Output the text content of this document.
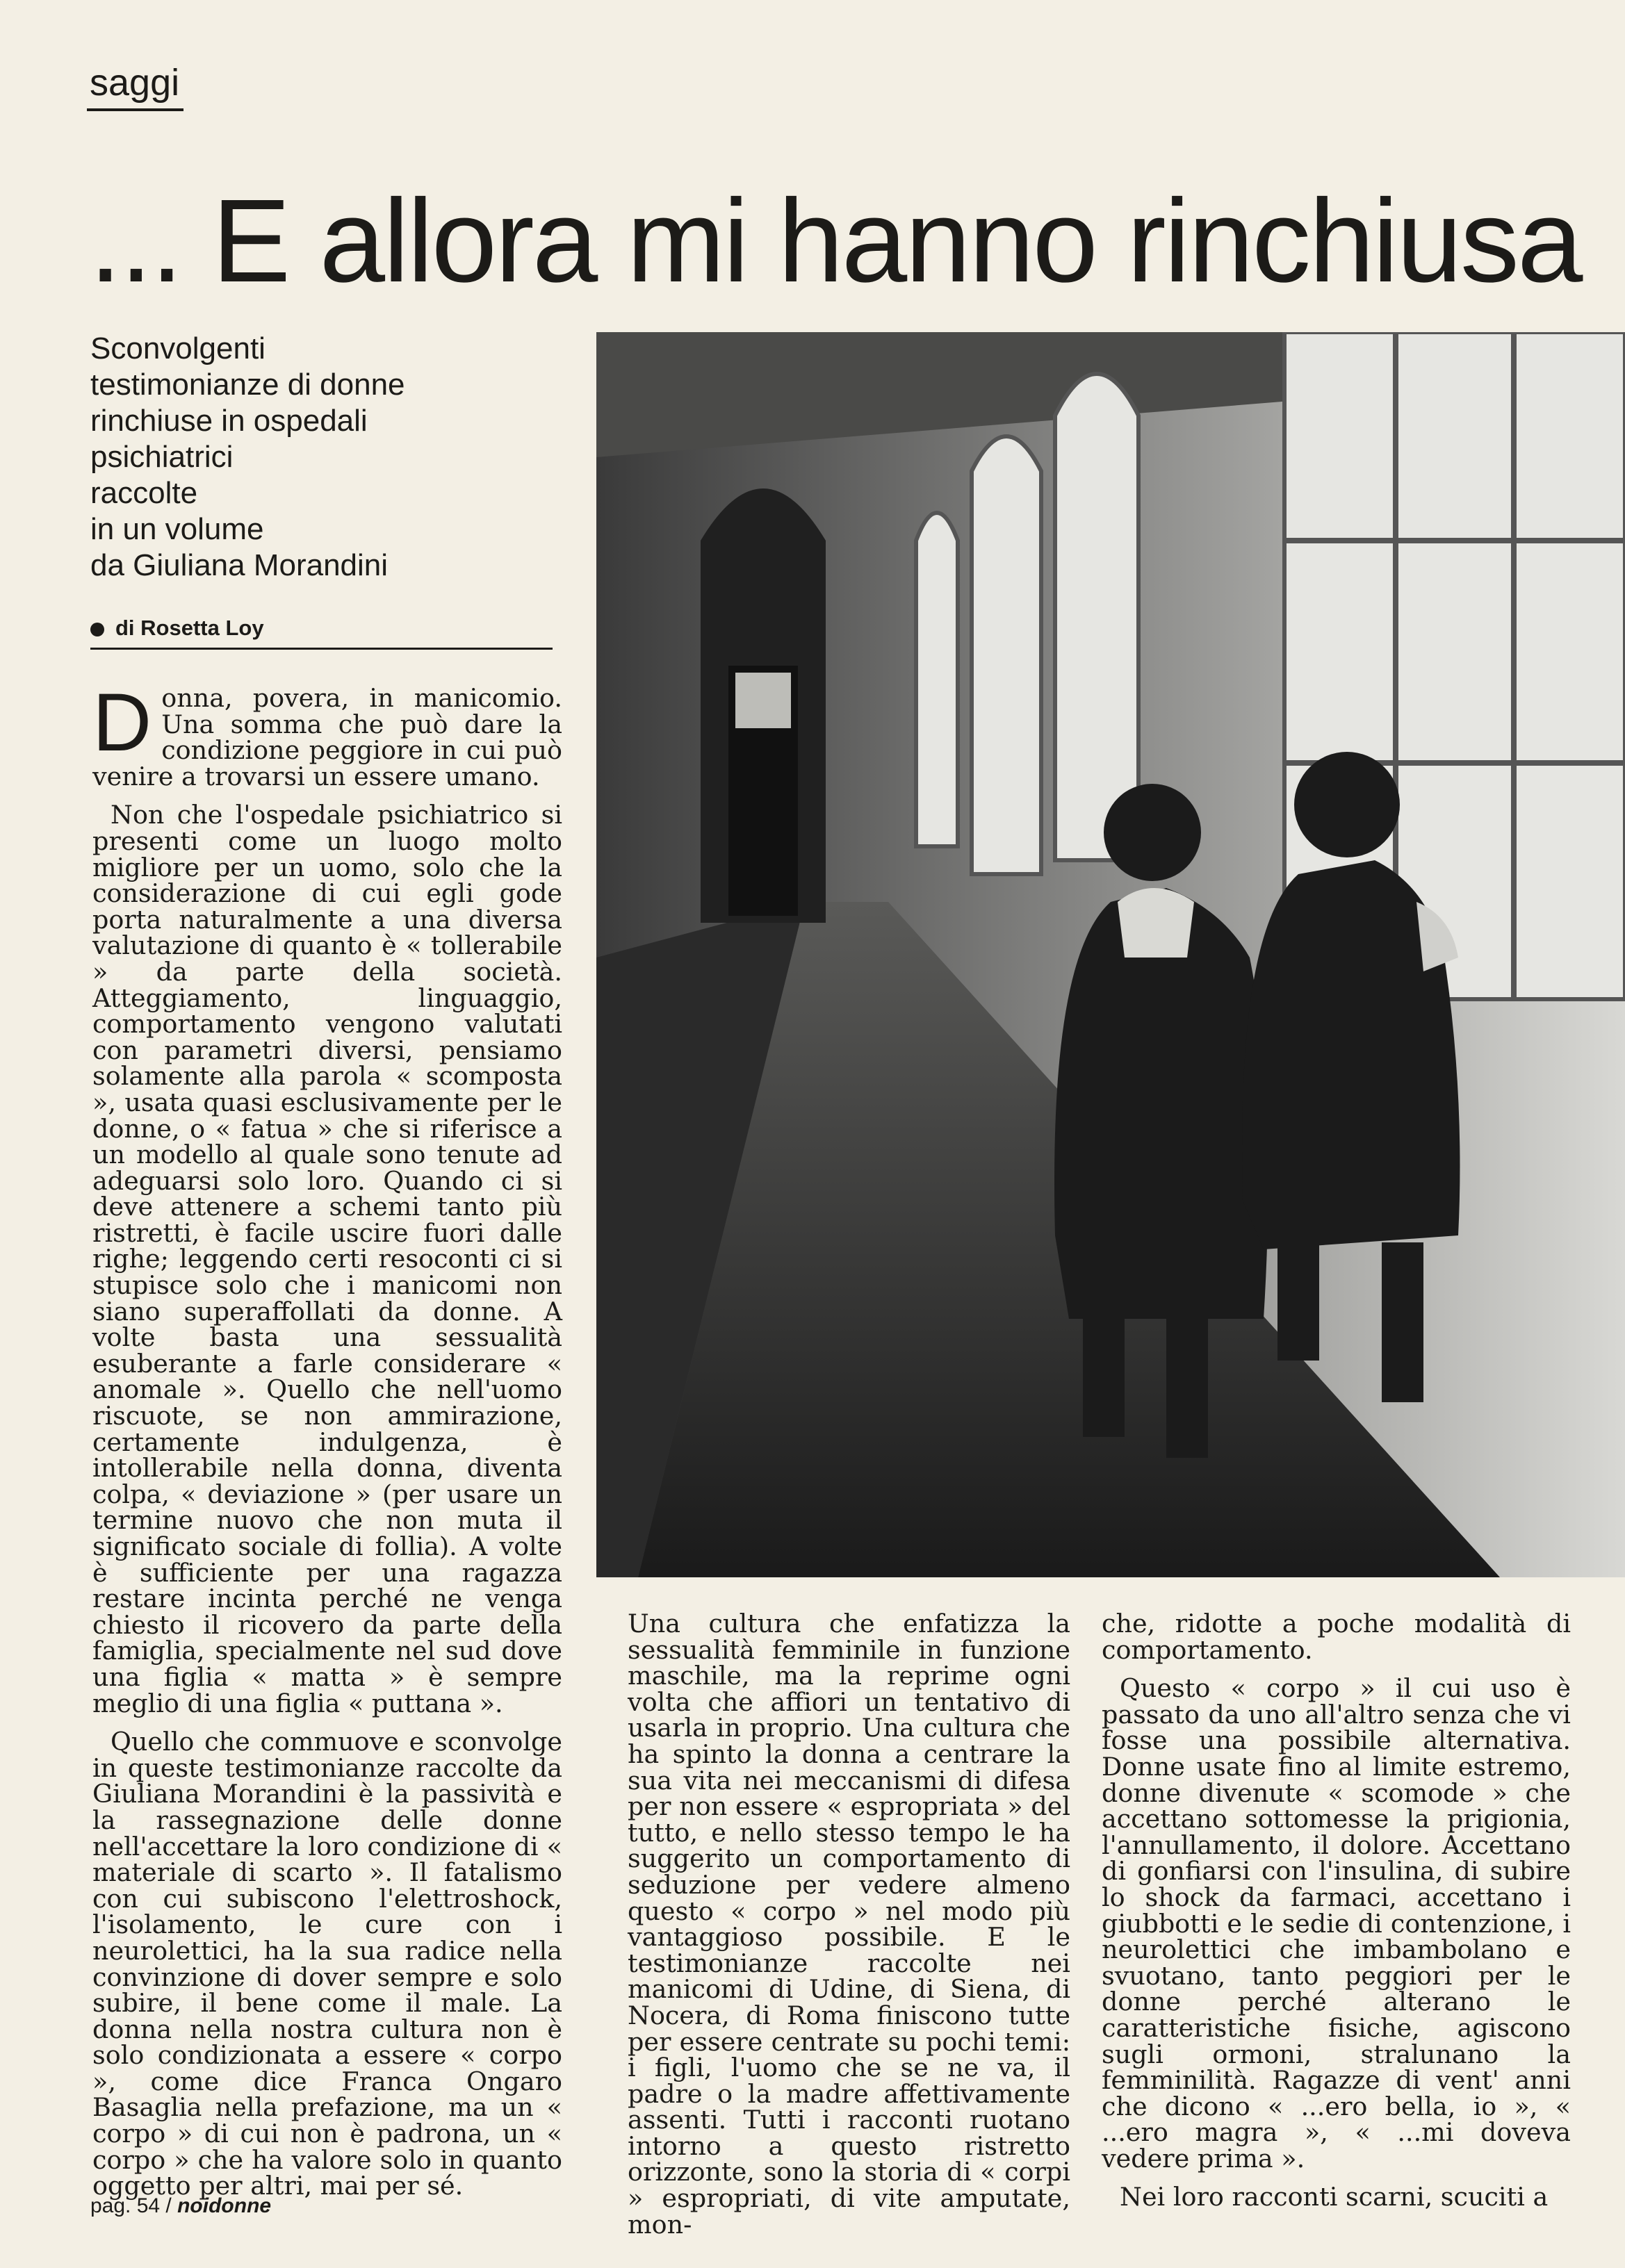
saggi
... E allora mi hanno rinchiusa
Sconvolgenti
testimonianze di donne
rinchiuse in ospedali
psichiatrici
raccolte
in un volume
da Giuliana Morandini
di Rosetta Loy

Donna, povera, in manicomio. Una somma che può dare la condizione peggiore in cui può venire a trovarsi un essere umano.

Non che l'ospedale psichiatrico si presenti come un luogo molto migliore per un uomo, solo che la considerazione di cui egli gode porta naturalmente a una diversa valutazione di quanto è « tollerabile » da parte della società. Atteggiamento, linguaggio, comportamento vengono valutati con parametri diversi, pensiamo solamente alla parola « scomposta », usata quasi esclusivamente per le donne, o « fatua » che si riferisce a un modello al quale sono tenute ad adeguarsi solo loro. Quando ci si deve attenere a schemi tanto più ristretti, è facile uscire fuori dalle righe; leggendo certi resoconti ci si stupisce solo che i manicomi non siano superaffollati da donne. A volte basta una sessualità esuberante a farle considerare « anomale ». Quello che nell'uomo riscuote, se non ammirazione, certamente indulgenza, è intollerabile nella donna, diventa colpa, « deviazione » (per usare un termine nuovo che non muta il significato sociale di follia). A volte è sufficiente per una ragazza restare incinta perché ne venga chiesto il ricovero da parte della famiglia, specialmente nel sud dove una figlia « matta » è sempre meglio di una figlia « puttana ».

Quello che commuove e sconvolge in queste testimonianze raccolte da Giuliana Morandini è la passività e la rassegnazione delle donne nell'accettare la loro condizione di « materiale di scarto ». Il fatalismo con cui subiscono l'elettroshock, l'isolamento, le cure con i neurolettici, ha la sua radice nella convinzione di dover sempre e solo subire, il bene come il male. La donna nella nostra cultura non è solo condizionata a essere « corpo », come dice Franca Ongaro Basaglia nella prefazione, ma un « corpo » di cui non è padrona, un « corpo » che ha valore solo in quanto oggetto per altri, mai per sé.

Una cultura che enfatizza la sessualità femminile in funzione maschile, ma la reprime ogni volta che affiori un tentativo di usarla in proprio. Una cultura che ha spinto la donna a centrare la sua vita nei meccanismi di difesa per non essere « espropriata » del tutto, e nello stesso tempo le ha suggerito un comportamento di seduzione per vedere almeno questo « corpo » nel modo più vantaggioso possibile. E le testimonianze raccolte nei manicomi di Udine, di Siena, di Nocera, di Roma finiscono tutte per essere centrate su pochi temi: i figli, l'uomo che se ne va, il padre o la madre affettivamente assenti. Tutti i racconti ruotano intorno a questo ristretto orizzonte, sono la storia di « corpi » espropriati, di vite amputate, mon-

che, ridotte a poche modalità di comportamento.

Questo « corpo » il cui uso è passato da uno all'altro senza che vi fosse una possibile alternativa. Donne usate fino al limite estremo, donne divenute « scomode » che accettano sottomesse la prigionia, l'annullamento, il dolore. Accettano di gonfiarsi con l'insulina, di subire lo shock da farmaci, accettano i giubbotti e le sedie di contenzione, i neurolettici che imbambolano e svuotano, tanto peggiori per le donne perché alterano le caratteristiche fisiche, agiscono sugli ormoni, stralunano la femminilità. Ragazze di vent' anni che dicono « ...ero bella, io », « ...ero magra », « ...mi doveva vedere prima ».

Nei loro racconti scarni, scuciti a

pag. 54 / noidonne
